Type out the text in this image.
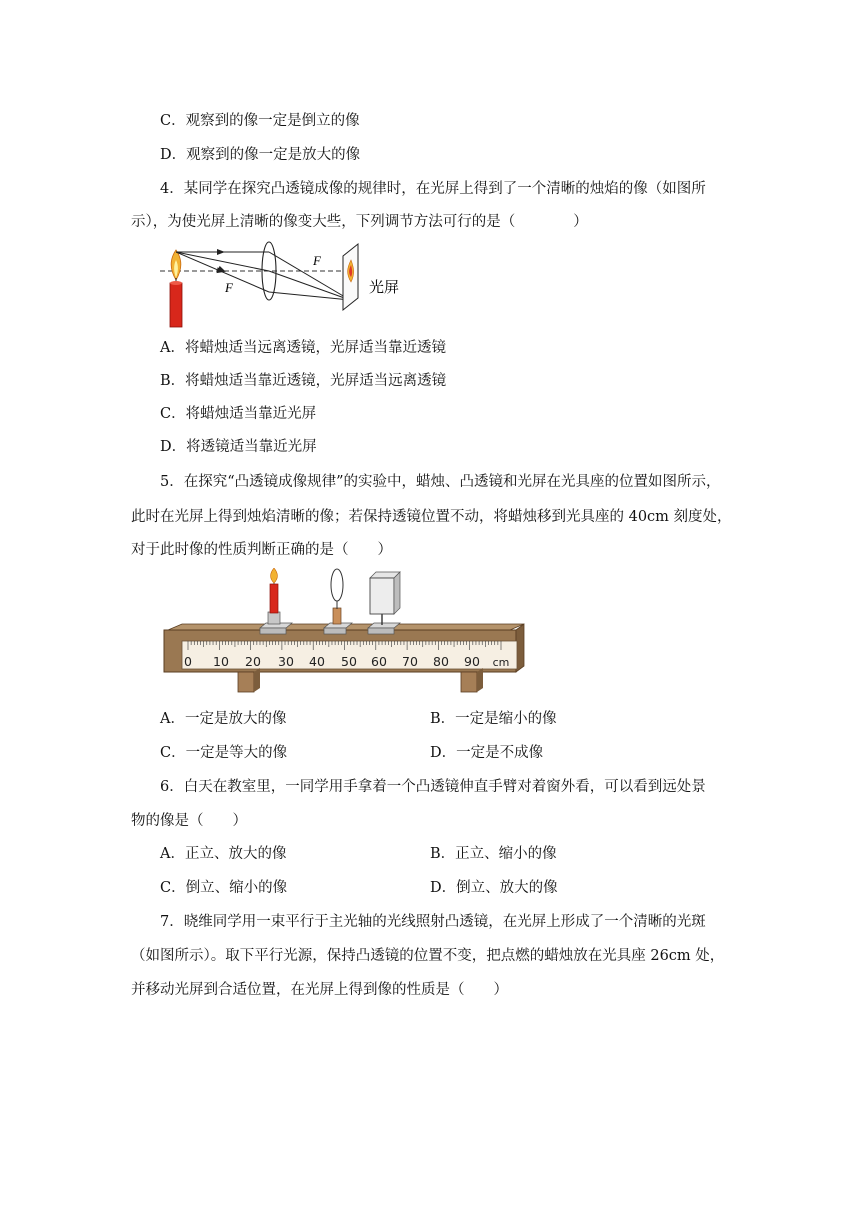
C．观察到的像一定是倒立的像
D．观察到的像一定是放大的像
4．某同学在探究凸透镜成像的规律时，在光屏上得到了一个清晰的烛焰的像（如图所
示），为使光屏上清晰的像变大些，下列调节方法可行的是（　　　　）
F
F	光屏
A．将蜡烛适当远离透镜，光屏适当靠近透镜
B．将蜡烛适当靠近透镜，光屏适当远离透镜
C．将蜡烛适当靠近光屏
D．将透镜适当靠近光屏
5．在探究“凸透镜成像规律”的实验中，蜡烛、凸透镜和光屏在光具座的位置如图所示，
此时在光屏上得到烛焰清晰的像；若保持透镜位置不动，将蜡烛移到光具座的 40cm 刻度处，
对于此时像的性质判断正确的是（　　）
0 10 20 30 40 50 60 70 80 90 cm
A．一定是放大的像	B．一定是缩小的像
C．一定是等大的像	D．一定是不成像
6．白天在教室里，一同学用手拿着一个凸透镜伸直手臂对着窗外看，可以看到远处景
物的像是（　　）
A．正立、放大的像	B．正立、缩小的像
C．倒立、缩小的像	D．倒立、放大的像
7．晓维同学用一束平行于主光轴的光线照射凸透镜，在光屏上形成了一个清晰的光斑
（如图所示）。取下平行光源，保持凸透镜的位置不变，把点燃的蜡烛放在光具座 26cm 处，
并移动光屏到合适位置，在光屏上得到像的性质是（　　）
